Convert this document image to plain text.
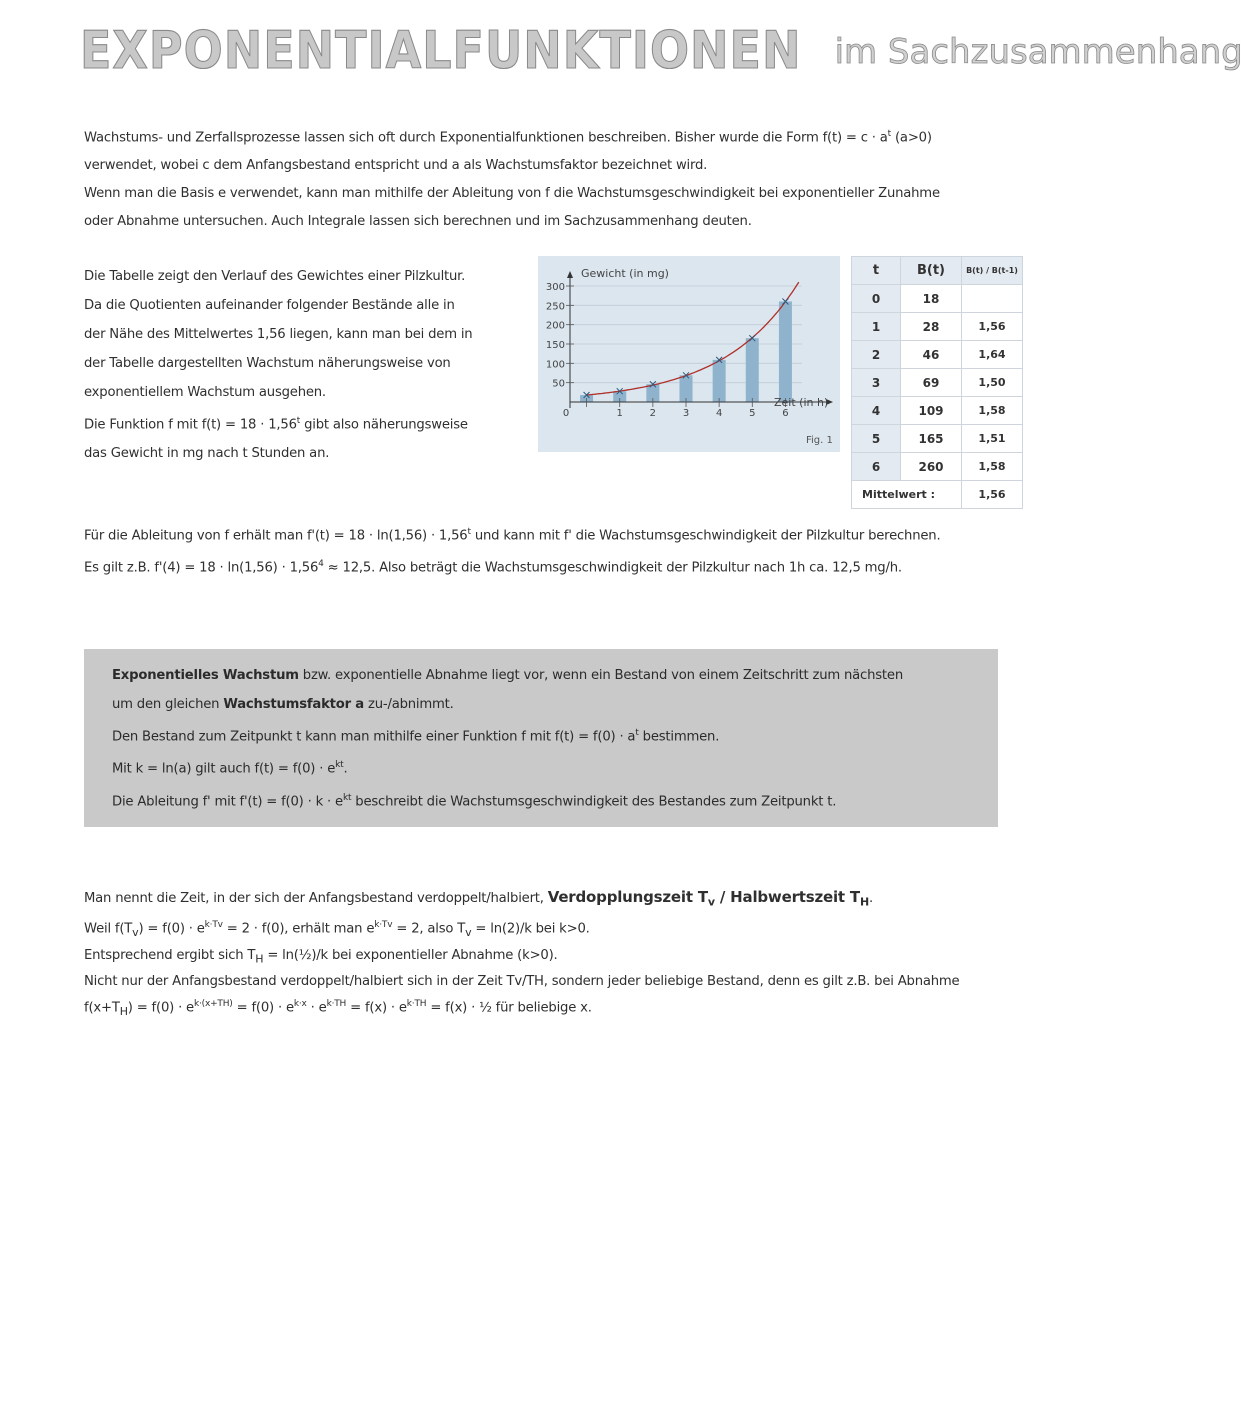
EXPONENTIALFUNKTIONEN im Sachzusammenhang
Wachstums- und Zerfallsprozesse lassen sich oft durch Exponentialfunktionen beschreiben. Bisher wurde die Form $f(t) = c \cdot a^t$ (a>0)
verwendet, wobei c dem Anfangsbestand entspricht und a als Wachstumsfaktor bezeichnet wird.
Wenn man die Basis e verwendet, kann man mithilfe der Ableitung von f die Wachstumsgeschwindigkeit bei exponentieller Zunahme
oder Abnahme untersuchen. Auch Integrale lassen sich berechnen und im Sachzusammenhang deuten.
Die Tabelle zeigt den Verlauf des Gewichtes einer Pilzkultur.
Da die Quotienten aufeinander folgender Bestände alle in
der Nähe des Mittelwertes 1,56 liegen, kann man bei dem in
der Tabelle dargestellten Wachstum näherungsweise von
exponentiellem Wachstum ausgehen.
Die Funktion f mit $f(t) = 18 \cdot 1,56^t$ gibt also näherungsweise
das Gewicht in mg nach t Stunden an.
300
250
200
150
100
50
0	1	2	3	4	5	6
Gewicht (in mg)
Zeit (in h)
Fig. 1
t	B(t)	B(t) / B(t-1)
0	18	
1	28	1,56
2	46	1,64
3	69	1,50
4	109	1,58
5	165	1,51
6	260	1,58
Mittelwert :		1,56
Für die Ableitung von f erhält man $f'(t) = 18 \cdot \ln(1,56) \cdot 1,56^t$ und kann mit f' die Wachstumsgeschwindigkeit der Pilzkultur berechnen.
Es gilt z.B. $f'(4) = 18 \cdot \ln(1,56) \cdot 1,56^4 \approx 12,5$. Also beträgt die Wachstumsgeschwindigkeit der Pilzkultur nach 1h ca. 12,5 mg/h.
Exponentielles Wachstum bzw. exponentielle Abnahme liegt vor, wenn ein Bestand von einem Zeitschritt zum nächsten
um den gleichen Wachstumsfaktor a zu-/abnimmt.
Den Bestand zum Zeitpunkt t kann man mithilfe einer Funktion f mit $f(t) = f(0) \cdot a^t$ bestimmen.
Mit k = ln(a) gilt auch $f(t) = f(0) \cdot e^{kt}$.
Die Ableitung f' mit $f'(t) = f(0) \cdot k \cdot e^{kt}$ beschreibt die Wachstumsgeschwindigkeit des Bestandes zum Zeitpunkt t.
Man nennt die Zeit, in der sich der Anfangsbestand verdoppelt/halbiert, Verdopplungszeit $T_v$ / Halbwertszeit $T_H$.
Weil $f(T_v) = f(0) \cdot e^{k\cdot Tv} = 2 \cdot f(0)$, erhält man $e^{k\cdot Tv} = 2$, also $T_v = \ln(2)/k$ bei k>0.
Entsprechend ergibt sich $T_H$ = ln(½)/k bei exponentieller Abnahme (k>0).
Nicht nur der Anfangsbestand verdoppelt/halbiert sich in der Zeit Tv/TH, sondern jeder beliebige Bestand, denn es gilt z.B. bei Abnahme
$f(x+T_H) = f(0) \cdot e^{k\cdot(x+TH)} = f(0) \cdot e^{k\cdot x} \cdot e^{k\cdot TH} = f(x) \cdot e^{k\cdot TH} = f(x)$ · ½ für beliebige x.
